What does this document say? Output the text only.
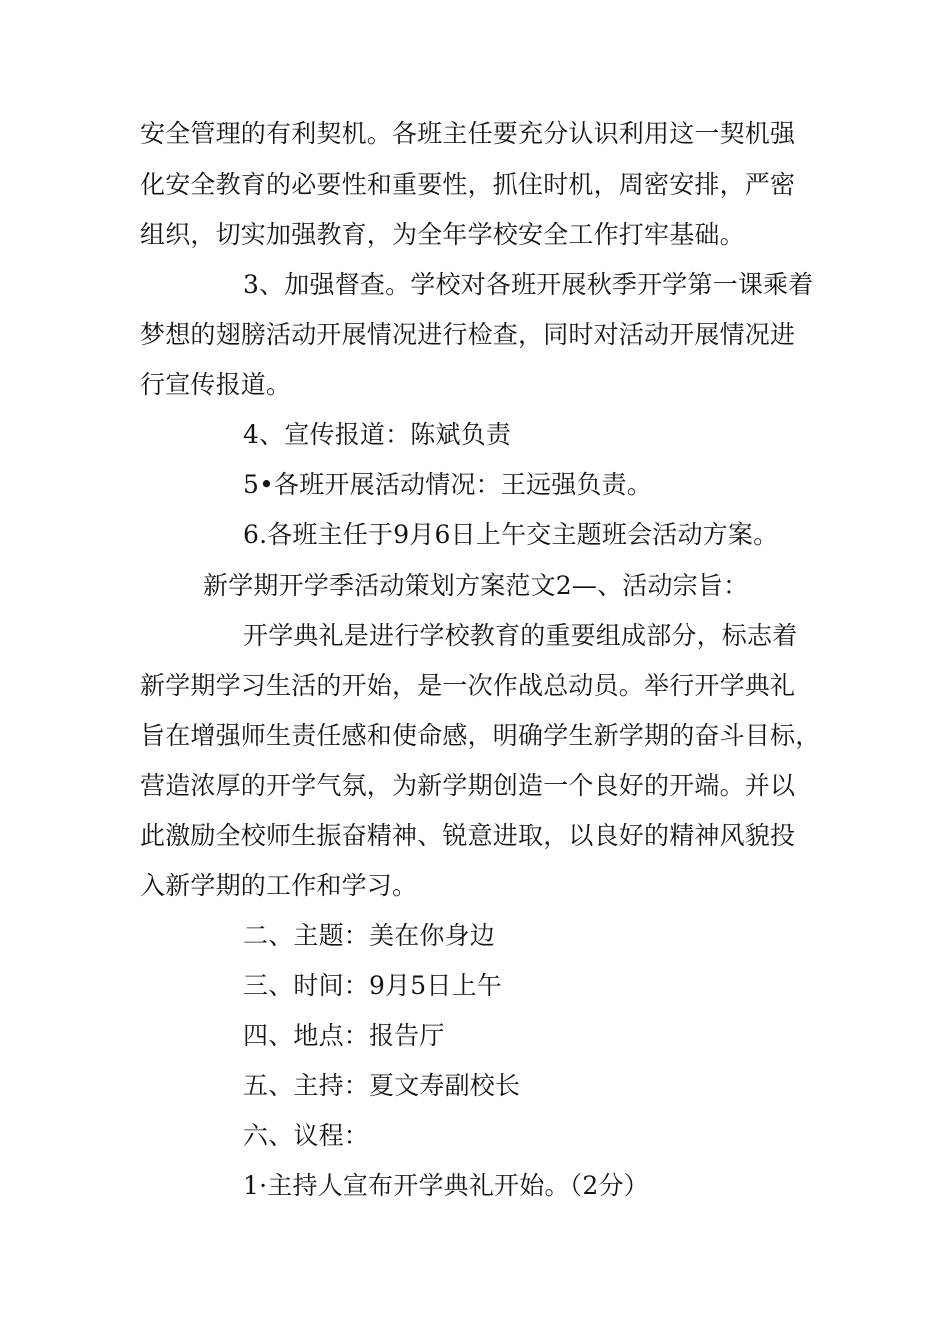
安全管理的有利契机。各班主任要充分认识利用这一契机强
化安全教育的必要性和重要性，抓住时机，周密安排，严密
组织，切实加强教育，为全年学校安全工作打牢基础。
3、加强督查。学校对各班开展秋季开学第一课乘着
梦想的翅膀活动开展情况进行检查，同时对活动开展情况进
行宣传报道。
4、宣传报道：陈斌负责
5•各班开展活动情况：王远强负责。
6.各班主任于9月6日上午交主题班会活动方案。
新学期开学季活动策划方案范文2—、活动宗旨：
开学典礼是进行学校教育的重要组成部分，标志着
新学期学习生活的开始，是一次作战总动员。举行开学典礼
旨在增强师生责任感和使命感，明确学生新学期的奋斗目标，
营造浓厚的开学气氛，为新学期创造一个良好的开端。并以
此激励全校师生振奋精神、锐意进取，以良好的精神风貌投
入新学期的工作和学习。
二、主题：美在你身边
三、时间：9月5日上午
四、地点：报告厅
五、主持：夏文寿副校长
六、议程：
1·主持人宣布开学典礼开始。（2分）
